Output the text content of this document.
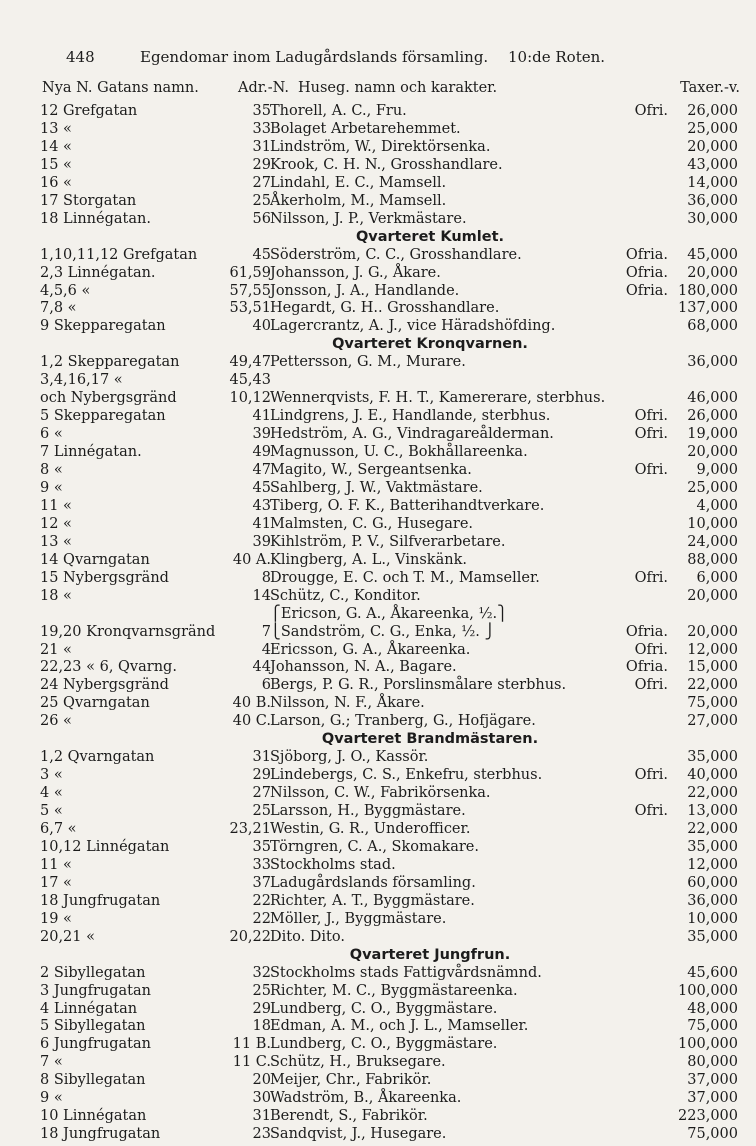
448	Egendomar inom Ladugårdslands församling. 10:de Roten.
Nya N. Gatans namn.	Adr.-N. Huseg. namn och karakter.	Taxer.-v.
12 Grefgatan	35 Thorell, A. C., Fru.	Ofri. 26,000
13 «	33 Bolaget Arbetarehemmet.	25,000
14 «	31 Lindström, W., Direktörsenka.	20,000
15 «	29 Krook, C. H. N., Grosshandlare.	43,000
16 «	27 Lindahl, E. C., Mamsell.	14,000
17 Storgatan	25 Åkerholm, M., Mamsell.	36,000
18 Linnégatan.	56 Nilsson, J. P., Verkmästare.	30,000
Qvarteret Kumlet.
1,10,11,12 Grefgatan	45 Söderström, C. C., Grosshandlare.	Ofria. 45,000
2,3 Linnégatan.	61,59 Johansson, J. G., Åkare.	Ofria. 20,000
4,5,6 «	57,55 Jonsson, J. A., Handlande.	Ofria. 180,000
7,8 «	53,51 Hegardt, G. H.. Grosshandlare.	137,000
9 Skepparegatan	40 Lagercrantz, A. J., vice Häradshöfding.	68,000
Qvarteret Kronqvarnen.
1,2 Skepparegatan	49,47 Pettersson, G. M., Murare.	36,000
3,4,16,17 «	45,43
och Nybergsgränd	10,12 Wennerqvists, F. H. T., Kamererare, sterbhus.	46,000
5 Skepparegatan	41 Lindgrens, J. E., Handlande, sterbhus.	Ofri. 26,000
6 «	39 Hedström, A. G., Vindragareålderman.	Ofri. 19,000
7 Linnégatan.	49 Magnusson, U. C., Bokhållareenka.	20,000
8 «	47 Magito, W., Sergeantsenka.	Ofri. 9,000
9 «	45 Sahlberg, J. W., Vaktmästare.	25,000
11 «	43 Tiberg, O. F. K., Batterihandtverkare.	4,000
12 «	41 Malmsten, C. G., Husegare.	10,000
13 «	39 Kihlström, P. V., Silfverarbetare.	24,000
14 Qvarngatan	40 A. Klingberg, A. L., Vinskänk.	88,000
15 Nybergsgränd	8 Drougge, E. C. och T. M., Mamseller.	Ofri. 6,000
18 «	14 Schütz, C., Konditor.	20,000
⎧Ericson, G. A., Åkareenka, ½.⎫
19,20 Kronqvarnsgränd	7 ⎩Sandström, C. G., Enka, ½. ⎭	Ofria. 20,000
21 «	4 Ericsson, G. A., Åkareenka.	Ofri. 12,000
22,23 « 6, Qvarng.	44 Johansson, N. A., Bagare.	Ofria. 15,000
24 Nybergsgränd	6 Bergs, P. G. R., Porslinsmålare sterbhus.	Ofri. 22,000
25 Qvarngatan	40 B. Nilsson, N. F., Åkare.	75,000
26 «	40 C. Larson, G.; Tranberg, G., Hofjägare.	27,000
Qvarteret Brandmästaren.
1,2 Qvarngatan	31 Sjöborg, J. O., Kassör.	35,000
3 «	29 Lindebergs, C. S., Enkefru, sterbhus.	Ofri. 40,000
4 «	27 Nilsson, C. W., Fabrikörsenka.	22,000
5 «	25 Larsson, H., Byggmästare.	Ofri. 13,000
6,7 «	23,21 Westin, G. R., Underofficer.	22,000
10,12 Linnégatan	35 Törngren, C. A., Skomakare.	35,000
11 «	33 Stockholms stad.	12,000
17 «	37 Ladugårdslands församling.	60,000
18 Jungfrugatan	22 Richter, A. T., Byggmästare.	36,000
19 «	22 Möller, J., Byggmästare.	10,000
20,21 «	20,22 Dito. Dito.	35,000
Qvarteret Jungfrun.
2 Sibyllegatan	32 Stockholms stads Fattigvårdsnämnd.	45,600
3 Jungfrugatan	25 Richter, M. C., Byggmästareenka.	100,000
4 Linnégatan	29 Lundberg, C. O., Byggmästare.	48,000
5 Sibyllegatan	18 Edman, A. M., och J. L., Mamseller.	75,000
6 Jungfrugatan	11 B. Lundberg, C. O., Byggmästare.	100,000
7 «	11 C. Schütz, H., Bruksegare.	80,000
8 Sibyllegatan	20 Meijer, Chr., Fabrikör.	37,000
9 «	30 Wadström, B., Åkareenka.	37,000
10 Linnégatan	31 Berendt, S., Fabrikör.	223,000
18 Jungfrugatan	23 Sandqvist, J., Husegare.	75,000
